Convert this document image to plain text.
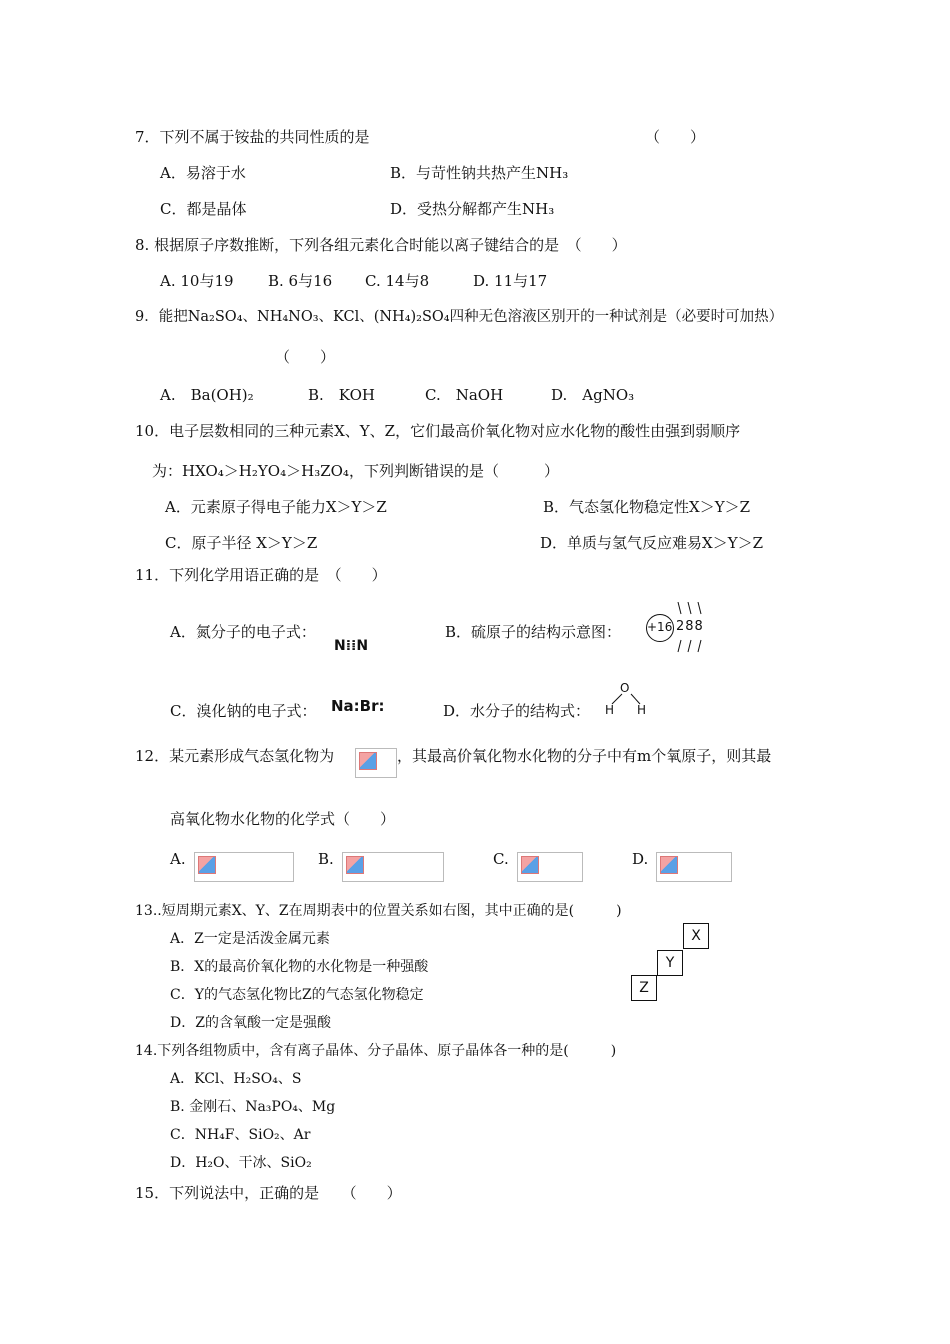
7．下列不属于铵盐的共同性质的是	（　　）
A．易溶于水	B．与苛性钠共热产生NH₃
C．都是晶体	D．受热分解都产生NH₃
8. 根据原子序数推断，下列各组元素化合时能以离子键结合的是　（　　）
A. 10与19 B. 6与16 C. 14与8	D. 11与17
9．能把Na₂SO₄、NH₄NO₃、KCl、(NH₄)₂SO₄四种无色溶液区别开的一种试剂是（必要时可加热）
（　　）
A.　Ba(OH)₂	B.　KOH	C.　NaOH	D.　AgNO₃
10．电子层数相同的三种元素X、Y、Z，它们最高价氧化物对应水化物的酸性由强到弱顺序
为：HXO₄＞H₂YO₄＞H₃ZO₄，下列判断错误的是（　　　）
A．元素原子得电子能力X＞Y＞Z	B．气态氢化物稳定性X＞Y＞Z
C．原子半径 X＞Y＞Z	D．单质与氢气反应难易X＞Y＞Z
11．下列化学用语正确的是　（　　）
A．氮分子的电子式：
N⁞⁞N
B．硫原子的结构示意图： +16 288
C．溴化钠的电子式： Na:Br:	D．水分子的结构式：
O
H H
12．某元素形成气态氢化物为	，其最高价氧化物水化物的分子中有m个氧原子，则其最
高氧化物水化物的化学式（　　）
A.	B.	C.	D.
13..短周期元素X、Y、Z在周期表中的位置关系如右图，其中正确的是(　　　)
A．Z一定是活泼金属元素
B．X的最高价氧化物的水化物是一种强酸
C．Y的气态氢化物比Z的气态氢化物稳定
D．Z的含氧酸一定是强酸
X
Y
Z
14.下列各组物质中，含有离子晶体、分子晶体、原子晶体各一种的是(　　　)
A．KCl、H₂SO₄、S
B. 金刚石、Na₃PO₄、Mg
C．NH₄F、SiO₂、Ar
D．H₂O、干冰、SiO₂
15．下列说法中，正确的是　　（　　）
